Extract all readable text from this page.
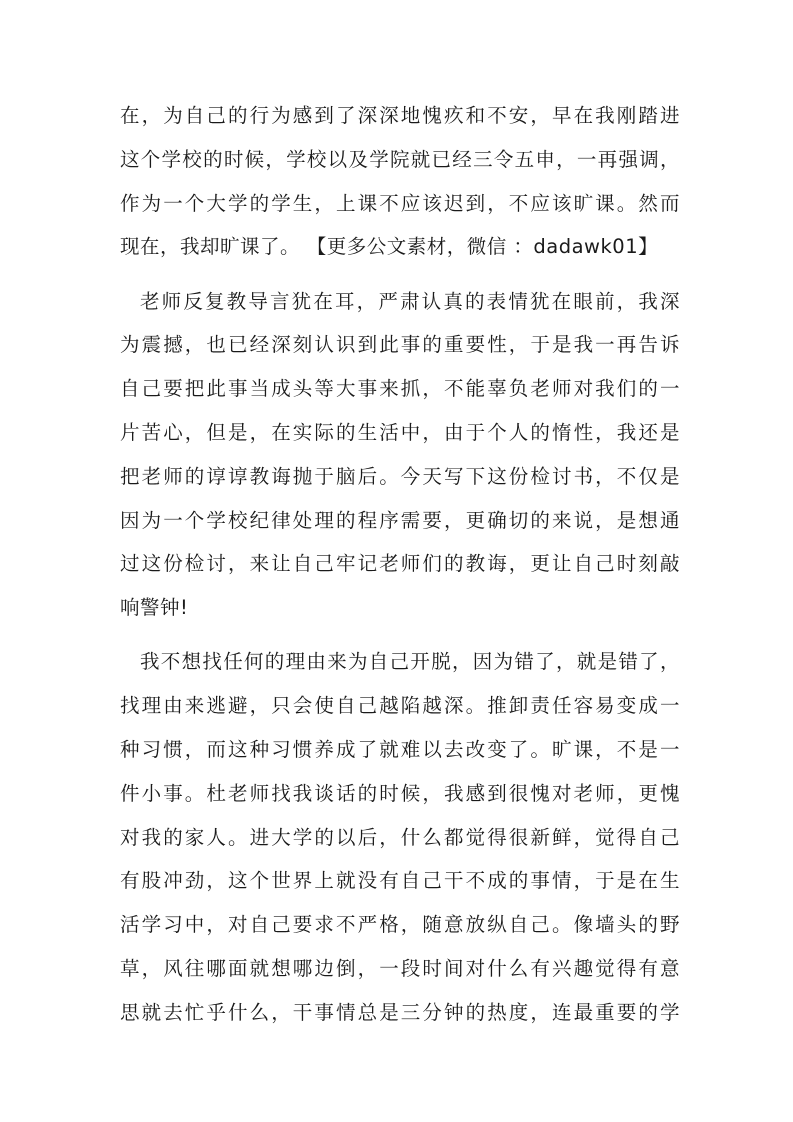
在，为自己的行为感到了深深地愧疚和不安，早在我刚踏进
这个学校的时候，学校以及学院就已经三令五申，一再强调，
作为一个大学的学生，上课不应该迟到，不应该旷课。然而
现在，我却旷课了。 【更多公文素材，微信 ：dadawk01】
老师反复教导言犹在耳，严肃认真的表情犹在眼前，我深
为震撼，也已经深刻认识到此事的重要性，于是我一再告诉
自己要把此事当成头等大事来抓，不能辜负老师对我们的一
片苦心，但是，在实际的生活中，由于个人的惰性，我还是
把老师的谆谆教诲抛于脑后。今天写下这份检讨书，不仅是
因为一个学校纪律处理的程序需要，更确切的来说，是想通
过这份检讨，来让自己牢记老师们的教诲，更让自己时刻敲
响警钟!
我不想找任何的理由来为自己开脱，因为错了，就是错了，
找理由来逃避，只会使自己越陷越深。推卸责任容易变成一
种习惯，而这种习惯养成了就难以去改变了。旷课，不是一
件小事。杜老师找我谈话的时候，我感到很愧对老师，更愧
对我的家人。进大学的以后，什么都觉得很新鲜，觉得自己
有股冲劲，这个世界上就没有自己干不成的事情，于是在生
活学习中，对自己要求不严格，随意放纵自己。像墙头的野
草，风往哪面就想哪边倒，一段时间对什么有兴趣觉得有意
思就去忙乎什么，干事情总是三分钟的热度，连最重要的学
